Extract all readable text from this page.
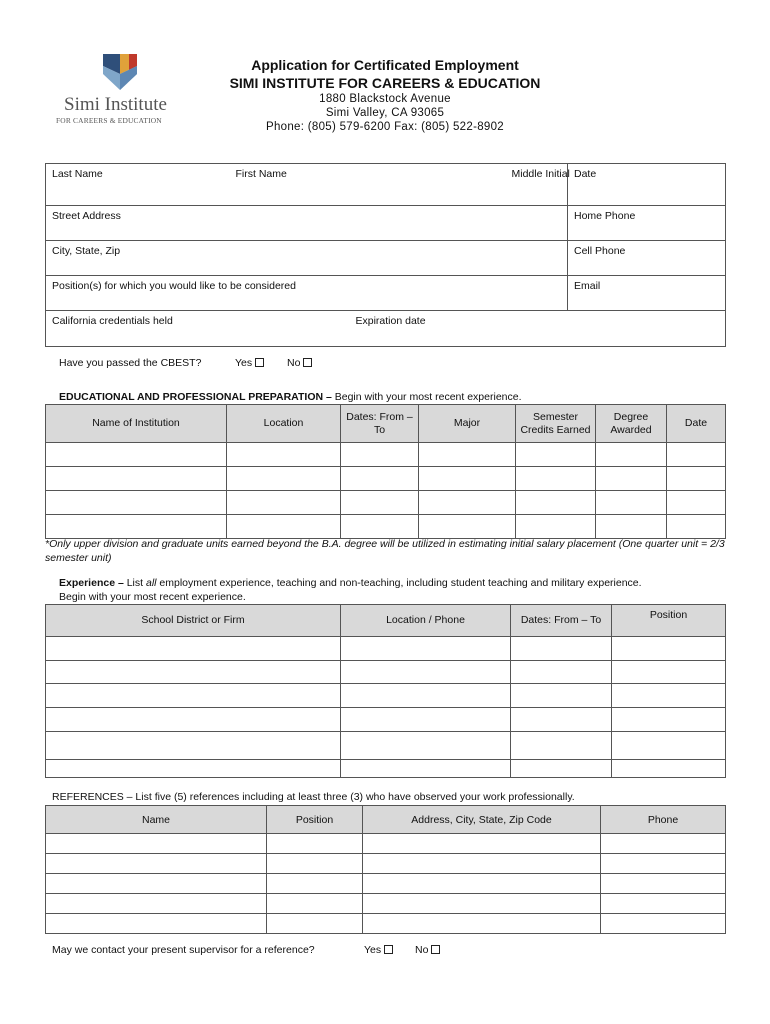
Simi Institute
FOR CAREERS & EDUCATION
Application for Certificated Employment
SIMI INSTITUTE FOR CAREERS & EDUCATION
1880 Blackstock Avenue
Simi Valley, CA 93065
Phone: (805) 579-6200 Fax: (805) 522-8902
Last Name	First Name	Middle Initial	Date
Street Address			Home Phone
City, State, Zip			Cell Phone
Position(s) for which you would like to be considered			Email
California credentials held		Expiration date	
Have you passed the CBEST?	Yes	No
EDUCATIONAL AND PROFESSIONAL PREPARATION – Begin with your most recent experience.
Name of Institution	Location	Dates: From – To	Major	Semester Credits Earned	Degree Awarded	Date

*Only upper division and graduate units earned beyond the B.A. degree will be utilized in estimating initial salary placement (One quarter unit = 2/3 semester unit)
Experience – List all employment experience, teaching and non-teaching, including student teaching and military experience.
Begin with your most recent experience.
School District or Firm	Location / Phone	Dates: From – To	Position

REFERENCES – List five (5) references including at least three (3) who have observed your work professionally.
Name	Position	Address, City, State, Zip Code	Phone

May we contact your present supervisor for a reference?	Yes	No
